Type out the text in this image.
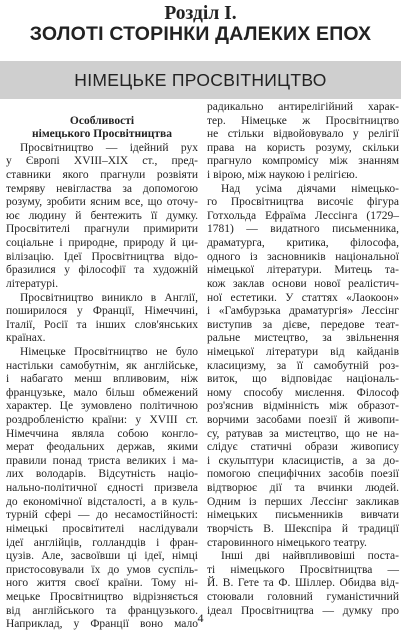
Розділ І.
ЗОЛОТІ СТОРІНКИ ДАЛЕКИХ ЕПОХ
НІМЕЦЬКЕ ПРОСВІТНИЦТВО
Особливості
німецького Просвітництва
Просвітництво — ідейний рух
у Європі XVIII–XIX ст., пред-
ставники якого прагнули розвіяти
темряву невігластва за допомогою
розуму, зробити ясним все, що оточу-
ює людину й бентежить її думку.
Просвітителі прагнули примирити
соціальне і природне, природу й ци-
вілізацію. Ідеї Просвітництва відо-
бразилися у філософії та художній
літературі.
Просвітництво виникло в Англії,
поширилося у Франції, Німеччині,
Італії, Росії та інших слов'янських
країнах.
Німецьке Просвітництво не було
настільки самобутнім, як англійське,
і набагато менш впливовим, ніж
французьке, мало більш обмежений
характер. Це зумовлено політичною
роздробленістю країни: у XVIII ст.
Німеччина являла собою конгло-
мерат феодальних держав, якими
правили понад триста великих і ма-
лих володарів. Відсутність націо-
нально-політичної єдності призвела
до економічної відсталості, а в куль-
турній сфері — до несамостійності:
німецькі просвітителі наслідували
ідеї англійців, голландців і фран-
цузів. Але, засвоївши ці ідеї, німці
пристосовували їх до умов суспіль-
ного життя своєї країни. Тому ні-
мецьке Просвітництво відрізняється
від англійського та французького.
Наприклад, у Франції воно мало
радикально антирелігійний харак-
тер. Німецьке ж Просвітництво
не стільки відвойовувало у релігії
права на користь розуму, скільки
прагнуло компромісу між знанням
і вірою, між наукою і релігією.
Над усіма діячами німецько-
го Просвітництва височіє фігура
Готхольда Ефраїма Лессінга (1729–
1781) — видатного письменника,
драматурга, критика, філософа,
одного із засновників національної
німецької літератури. Митець та-
кож заклав основи нової реалістич-
ної естетики. У статтях «Лаокоон»
і «Гамбурзька драматургія» Лессінг
виступив за дієве, передове теат-
ральне мистецтво, за звільнення
німецької літератури від кайданів
класицизму, за її самобутній роз-
виток, що відповідає національ-
ному способу мислення. Філософ
роз'яснив відмінність між образот-
ворчими засобами поезії й живопи-
су, ратував за мистецтво, що не на-
слідує статичні образи живопису
і скульптури класицистів, а за до-
помогою специфічних засобів поезії
відтворює дії та вчинки людей.
Одним із перших Лессінг закликав
німецьких письменників вивчати
творчість В. Шекспіра й традиції
старовинного німецького театру.
Інші дві найвпливовіші поста-
ті німецького Просвітництва —
Й. В. Гете та Ф. Шіллер. Обидва від-
стоювали головний гуманістичний
ідеал Просвітництва — думку про
4
